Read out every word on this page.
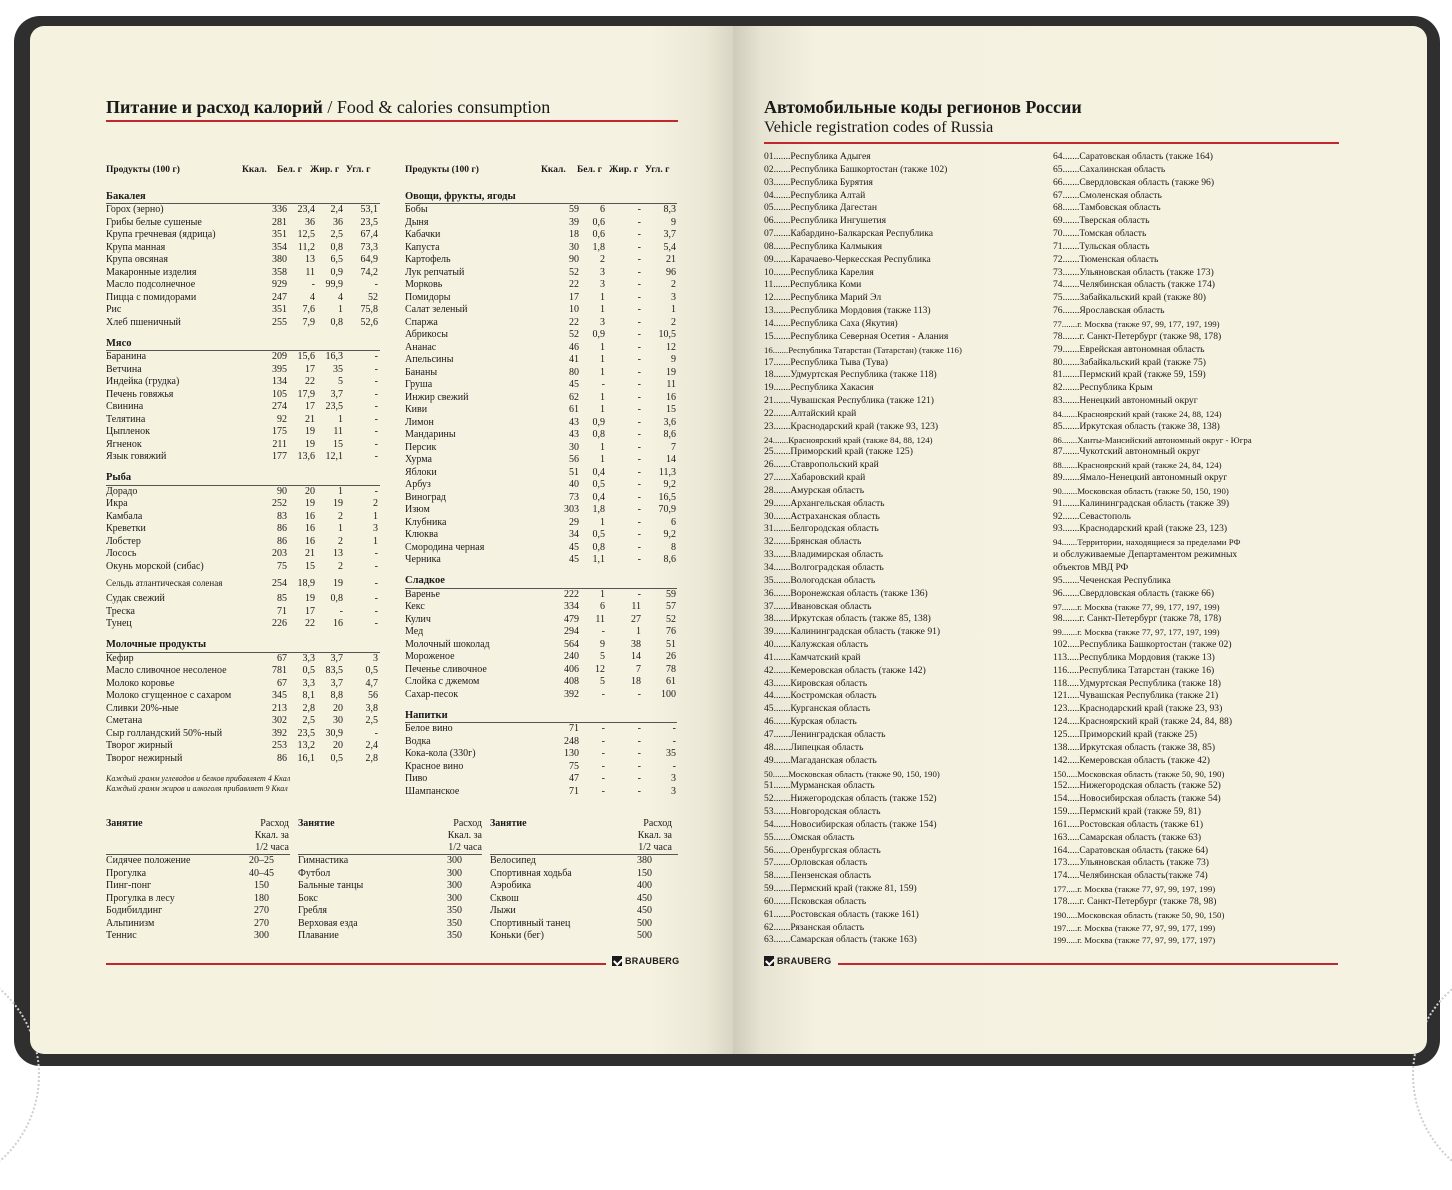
Питание и расход калорий / Food & calories consumption
Продукты (100 г)	Ккал. Бел. г Жир. г Угл. г
Бакалея
Горох (зерно)	336 23,4 2,4 53,1
Грибы белые сушеные	281 36 36 23,5
Крупа гречневая (ядрица)	351 12,5 2,5 67,4
Крупа манная	354 11,2 0,8 73,3
Крупа овсяная	380 13 6,5 64,9
Макаронные изделия	358 11 0,9 74,2
Масло подсолнечное	929 - 99,9	-
Пицца с помидорами	247 4 4	52
Рис	351 7,6 1 75,8
Хлеб пшеничный	255 7,9 0,8 52,6
Мясо
Баранина	209 15,6 16,3	-
Ветчина	395 17 35	-
Индейка (грудка)	134 22 5	-
Печень говяжья	105 17,9 3,7	-
Свинина	274 17 23,5	-
Телятина	92 21 1	-
Цыпленок	175 19 11	-
Ягненок	211 19 15	-
Язык говяжий	177 13,6 12,1	-
Рыба
Дорадо	90 20 1	-
Икра	252 19 19	2
Камбала	83 16 2	1
Креветки	86 16 1	3
Лобстер	86 16 2	1
Лосось	203 21 13	-
Окунь морской (сибас)	75 15 2	-
Сельдь атлантическая соленая	254 18,9 19	-
Судак свежий	85 19 0,8	-
Треска	71 17 -	-
Тунец	226 22 16	-
Молочные продукты
Кефир	67 3,3 3,7	3
Масло сливочное несоленое	781 0,5 83,5 0,5
Молоко коровье	67 3,3 3,7 4,7
Молоко сгущенное с сахаром	345 8,1 8,8	56
Сливки 20%-ные	213 2,8 20 3,8
Сметана	302 2,5 30 2,5
Сыр голландский 50%-ный	392 23,5 30,9	-
Творог жирный	253 13,2 20 2,4
Творог нежирный	86 16,1 0,5 2,8
Продукты (100 г)	Ккал. Бел. г Жир. г Угл. г
Овощи, фрукты, ягоды
Бобы	59 6	- 8,3
Дыня	39 0,6	-	9
Кабачки	18 0,6	- 3,7
Капуста	30 1,8	- 5,4
Картофель	90 2	-	21
Лук репчатый	52 3	-	96
Морковь	22 3	-	2
Помидоры	17 1	-	3
Салат зеленый	10 1	-	1
Спаржа	22 3	-	2
Абрикосы	52 0,9	- 10,5
Ананас	46 1	-	12
Апельсины	41 1	-	9
Бананы	80 1	-	19
Груша	45 -	-	11
Инжир свежий	62 1	-	16
Киви	61 1	-	15
Лимон	43 0,9	- 3,6
Мандарины	43 0,8	- 8,6
Персик	30 1	-	7
Хурма	56 1	-	14
Яблоки	51 0,4	- 11,3
Арбуз	40 0,5	- 9,2
Виноград	73 0,4	- 16,5
Изюм	303 1,8	- 70,9
Клубника	29 1	-	6
Клюква	34 0,5	- 9,2
Смородина черная	45 0,8	-	8
Черника	45 1,1	- 8,6
Сладкое
Варенье	222 1	-	59
Кекс	334 6	11	57
Кулич	479 11	27	52
Мед	294 -	1	76
Молочный шоколад	564 9	38	51
Мороженое	240 5	14	26
Печенье сливочное	406 12	7	78
Слойка с джемом	408 5	18	61
Сахар-песок	392 -	- 100
Напитки
Белое вино	71 -	-	-
Водка	248 -	-	-
Кока-кола (330г)	130 -	-	35
Красное вино	75 -	-	-
Пиво	47 -	-	3
Шампанское	71 -	-	3
Каждый грамм углеводов и белков прибавляет 4 Ккал
Каждый грамм жиров и алкоголя прибавляет 9 Ккал
Занятие	Расход
Ккал. за
1/2 часа
Сидячее положение	20–25
Прогулка	40–45
Пинг-понг	150
Прогулка в лесу	180
Бодибилдинг	270
Альпинизм	270
Теннис	300
Занятие	Расход
Ккал. за
1/2 часа
Гимнастика	300
Футбол	300
Бальные танцы	300
Бокс	300
Гребля	350
Верховая езда	350
Плавание	350
Занятие	Расход
Ккал. за
1/2 часа
Велосипед	380
Спортивная ходьба	150
Аэробика	400
Сквош	450
Лыжи	450
Спортивный танец	500
Коньки (бег)	500
BRAUBERG
Автомобильные коды регионов России
Vehicle registration codes of Russia
01.......Республика Адыгея
02.......Республика Башкортостан (также 102)
03.......Республика Бурятия
04.......Республика Алтай
05.......Республика Дагестан
06.......Республика Ингушетия
07.......Кабардино-Балкарская Республика
08.......Республика Калмыкия
09.......Карачаево-Черкесская Республика
10.......Республика Карелия
11.......Республика Коми
12.......Республика Марий Эл
13.......Республика Мордовия (также 113)
14.......Республика Саха (Якутия)
15.......Республика Северная Осетия - Алания
16.......Республика Татарстан (Татарстан) (также 116)
17.......Республика Тыва (Тува)
18.......Удмуртская Республика (также 118)
19.......Республика Хакасия
21.......Чувашская Республика (также 121)
22.......Алтайский край
23.......Краснодарский край (также 93, 123)
24.......Красноярский край (также 84, 88, 124)
25.......Приморский край (также 125)
26.......Ставропольский край
27.......Хабаровский край
28.......Амурская область
29.......Архангельская область
30.......Астраханская область
31.......Белгородская область
32.......Брянская область
33.......Владимирская область
34.......Волгоградская область
35.......Вологодская область
36.......Воронежская область (также 136)
37.......Ивановская область
38.......Иркутская область (также 85, 138)
39.......Калининградская область (также 91)
40.......Калужская область
41.......Камчатский край
42.......Кемеровская область (также 142)
43.......Кировская область
44.......Костромская область
45.......Курганская область
46.......Курская область
47.......Ленинградская область
48.......Липецкая область
49.......Магаданская область
50.......Московская область (также 90, 150, 190)
51.......Мурманская область
52.......Нижегородская область (также 152)
53.......Новгородская область
54.......Новосибирская область (также 154)
55.......Омская область
56.......Оренбургская область
57.......Орловская область
58.......Пензенская область
59.......Пермский край (также 81, 159)
60.......Псковская область
61.......Ростовская область (также 161)
62.......Рязанская область
63.......Самарская область (также 163)
64.......Саратовская область (также 164)
65.......Сахалинская область
66.......Свердловская область (также 96)
67.......Смоленская область
68.......Тамбовская область
69.......Тверская область
70.......Томская область
71.......Тульская область
72.......Тюменская область
73.......Ульяновская область (также 173)
74.......Челябинская область (также 174)
75.......Забайкальский край (также 80)
76.......Ярославская область
77.......г. Москва (также 97, 99, 177, 197, 199)
78.......г. Санкт-Петербург (также 98, 178)
79.......Еврейская автономная область
80.......Забайкальский край (также 75)
81.......Пермский край (также 59, 159)
82.......Республика Крым
83.......Ненецкий автономный округ
84.......Красноярский край (также 24, 88, 124)
85.......Иркутская область (также 38, 138)
86.......Ханты-Мансийский автономный округ - Югра
87.......Чукотский автономный округ
88.......Красноярский край (также 24, 84, 124)
89.......Ямало-Ненецкий автономный округ
90.......Московская область (также 50, 150, 190)
91.......Калининградская область (также 39)
92.......Севастополь
93.......Краснодарский край (также 23, 123)
94.......Территории, находящиеся за пределами РФ
и обслуживаемые Департаментом режимных
объектов МВД РФ
95.......Чеченская Республика
96.......Свердловская область (также 66)
97.......г. Москва (также 77, 99, 177, 197, 199)
98.......г. Санкт-Петербург (также 78, 178)
99.......г. Москва (также 77, 97, 177, 197, 199)
102.....Республика Башкортостан (также 02)
113.....Республика Мордовия (также 13)
116.....Республика Татарстан (также 16)
118.....Удмуртская Республика (также 18)
121.....Чувашская Республика (также 21)
123.....Краснодарский край (также 23, 93)
124.....Красноярский край (также 24, 84, 88)
125.....Приморский край (также 25)
138.....Иркутская область (также 38, 85)
142.....Кемеровская область (также 42)
150.....Московская область (также 50, 90, 190)
152.....Нижегородская область (также 52)
154.....Новосибирская область (также 54)
159.....Пермский край (также 59, 81)
161.....Ростовская область (также 61)
163.....Самарская область (также 63)
164.....Саратовская область (также 64)
173.....Ульяновская область (также 73)
174.....Челябинская область(также 74)
177.....г. Москва (также 77, 97, 99, 197, 199)
178.....г. Санкт-Петербург (также 78, 98)
190.....Московская область (также 50, 90, 150)
197.....г. Москва (также 77, 97, 99, 177, 199)
199.....г. Москва (также 77, 97, 99, 177, 197)
BRAUBERG
